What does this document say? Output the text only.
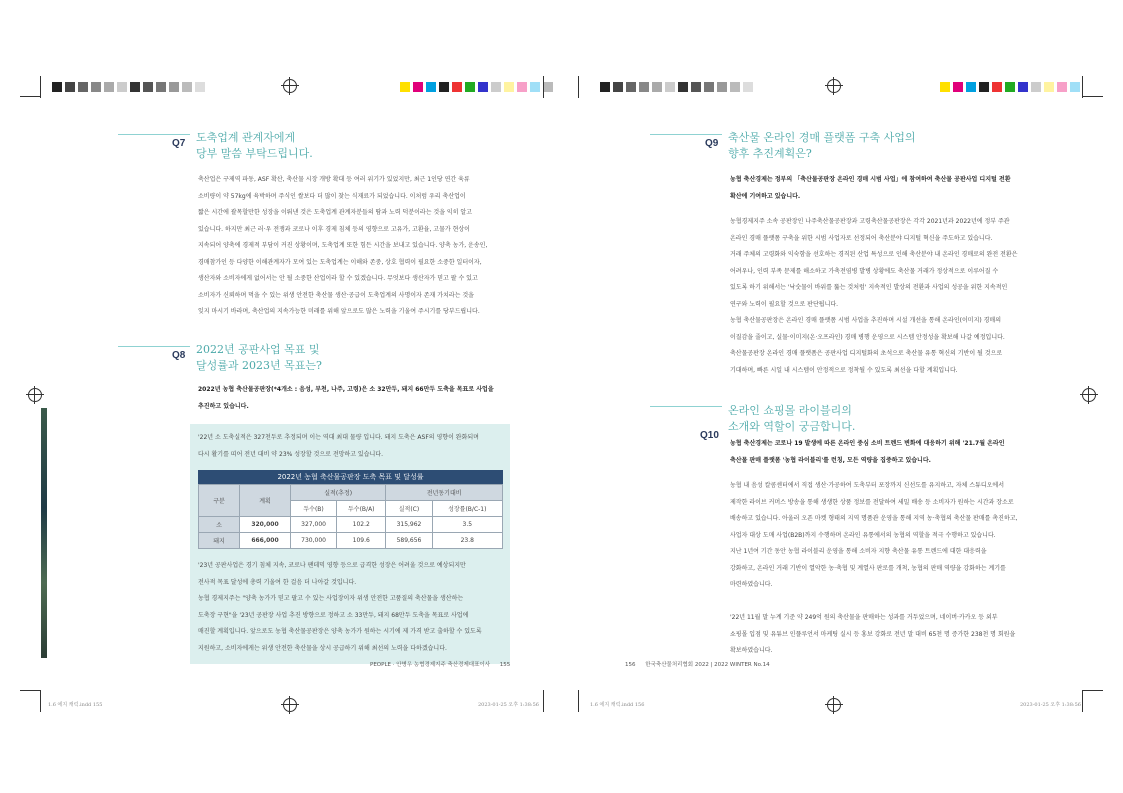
Q7 도축업계 관계자에게
당부 말씀 부탁드립니다.
축산업은 구제역 파동, ASF 확산, 축산물 시장 개방 확대 등 여러 위기가 있었지만, 최근 1인당 연간 육류
소비량이 약 57kg에 육박하며 주식인 쌀보다 더 많이 찾는 식재료가 되었습니다. 이처럼 우리 축산업이
짧은 시간에 괄목할만한 성장을 이뤄낸 것은 도축업계 관계자분들의 땀과 노력 덕분이라는 것을 익히 알고
있습니다. 하지만 최근 러·우 전쟁과 코로나 이후 경제 침체 등의 영향으로 고유가, 고환율, 고물가 현상이
지속되어 양축에 경제적 부담이 커진 상황이며, 도축업계 또한 힘든 시간을 보내고 있습니다. 양축 농가, 운송인,
경매참가인 등 다양한 이해관계자가 모여 있는 도축업계는 이해와 존중, 상호 협력이 필요한 소중한 일터이자,
생산자와 소비자에게 없어서는 안 될 소중한 산업이라 할 수 있겠습니다. 무엇보다 생산자가 믿고 팔 수 있고
소비자가 신뢰하며 먹을 수 있는 위생 안전한 축산물 생산·공급이 도축업계의 사명이자 존재 가치라는 것을
잊지 마시기 바라며, 축산업의 지속가능한 미래를 위해 앞으로도 많은 노력을 기울여 주시기를 당부드립니다.
Q8 2022년 공판사업 목표 및
달성률과 2023년 목표는?
2022년 농협 축산물공판장(*4개소 : 음성, 부천, 나주, 고령)은 소 32만두, 돼지 66만두 도축을 목표로 사업을
추진하고 있습니다.
'22년 소 도축실적은 327천두로 추정되며 이는 역대 최대 물량 입니다. 돼지 도축은 ASF의 영향이 완화되며
다시 활기를 띠어 전년 대비 약 23% 성장할 것으로 전망하고 있습니다.
2022년 농협 축산물공판장 도축 목표 및 달성률
구분	계획	실적(추정)		전년동기대비	
		두수(B)	두수(B/A)	실적(C)	성장률(B/C-1)
소	320,000	327,000	102.2	315,962	3.5
돼지	666,000	730,000	109.6	589,656	23.8
'23년 공판사업은 경기 침체 지속, 코로나 팬데믹 영향 등으로 급격한 성장은 어려울 것으로 예상되지만
전사적 목표 달성에 총력 기울여 한 걸음 더 나아갈 것입니다.
농협 경제지주는 "양축 농가가 믿고 팔고 수 있는 사업장이자 위생 안전한 고품질의 축산물을 생산하는
도축장 구현"을 '23년 공판장 사업 추진 방향으로 정하고 소 33만두, 돼지 68만두 도축을 목표로 사업에
매진할 계획입니다. 앞으로도 농협 축산물공판장은 양축 농가가 원하는 시기에 제 가격 받고 출하할 수 있도록
지원하고, 소비자에게는 위생 안전한 축산물을 상시 공급하기 위해 최선의 노력을 다하겠습니다.
PEOPLE · 안병우 농협경제지주 축산경제대표이사 155
1.6 에지 캐릭.indd 155	2023-01-25 오후 1:38:56
Q9 축산물 온라인 경매 플랫폼 구축 사업의
향후 추진계획은?
농협 축산경제는 정부의 「축산물공판장 온라인 경매 시범 사업」에 참여하여 축산물 공판사업 디지털 전환
확산에 기여하고 있습니다.
농협경제지주 소속 공판장인 나주축산물공판장과 고령축산물공판장은 각각 2021년과 2022년에 정부 주관
온라인 경매 플랫폼 구축을 위한 시범 사업자로 선정되어 축산분야 디지털 혁신을 주도하고 있습니다.
거래 주체의 고령화와 익숙함을 선호하는 경직된 산업 특성으로 인해 축산분야 내 온라인 경매로의 완전 전환은
어려우나, 인력 부족 문제를 해소하고 가축전염병 발병 상황에도 축산물 거래가 정상적으로 이루어질 수
있도록 하기 위해서는 '낙숫물이 바위를 뚫는 것처럼' 지속적인 발상의 전환과 사업의 성공을 위한 지속적인
연구와 노력이 필요할 것으로 판단됩니다.
농협 축산물공판장은 온라인 경매 플랫폼 시범 사업을 추진하며 시설 개선을 통해 온라인(이미지) 경매의
이질감을 줄이고, 실물·이미지(온·오프라인) 경매 병행 운영으로 시스템 안정성을 확보해 나갈 예정입니다.
축산물공판장 온라인 경매 플랫폼은 공판사업 디지털화의 초석으로 축산물 유통 혁신의 기반이 될 것으로
기대하며, 빠른 시일 내 시스템이 안정적으로 정착될 수 있도록 최선을 다할 계획입니다.
Q10
온라인 쇼핑몰 라이블리의
소개와 역할이 궁금합니다.
농협 축산경제는 코로나 19 발생에 따른 온라인 중심 소비 트렌드 변화에 대응하기 위해 '21.7월 온라인
축산물 판매 플랫폼 '농협 라이블리'를 런칭, 모든 역량을 집중하고 있습니다.
농협 내 음성 칼콤센터에서 직접 생산·가공하여 도축부터 포장까지 신선도를 유지하고, 자체 스튜디오에서
제작한 라이브 커머스 방송을 통해 생생한 상품 정보를 전달하여 세밀 배송 등 소비자가 원하는 시간과 장소로
배송하고 있습니다. 아울러 오픈 마켓 형태의 지역 명품관 운영을 통해 지역 농·축협의 축산물 판매를 촉진하고,
사업자 대상 도매 사업(B2B)까지 수행하며 온라인 유통에서의 농협의 역할을 적극 수행하고 있습니다.
지난 1년여 기간 동안 농협 라이블리 운영을 통해 소비자 지향 축산물 유통 트렌드에 대한 대응력을
강화하고, 온라인 거래 기반이 열악한 농·축협 및 계열사 판로를 개척, 농협의 판매 역량을 강화하는 계기를
마련하였습니다.
'22년 11월 말 누계 기준 약 249억 원의 축산물을 판매하는 성과를 거두었으며, 네이버·카카오 등 외부
쇼핑몰 입점 및 유튜브 인플루언서 마케팅 실시 등 홍보 강화로 전년 말 대비 65천 명 증가한 238천 명 회원을
확보하였습니다.
156 한국축산물처리협회 2022 | 2022 WINTER No.14
1.6 에지 캐릭.indd 156	2023-01-25 오후 1:38:56
